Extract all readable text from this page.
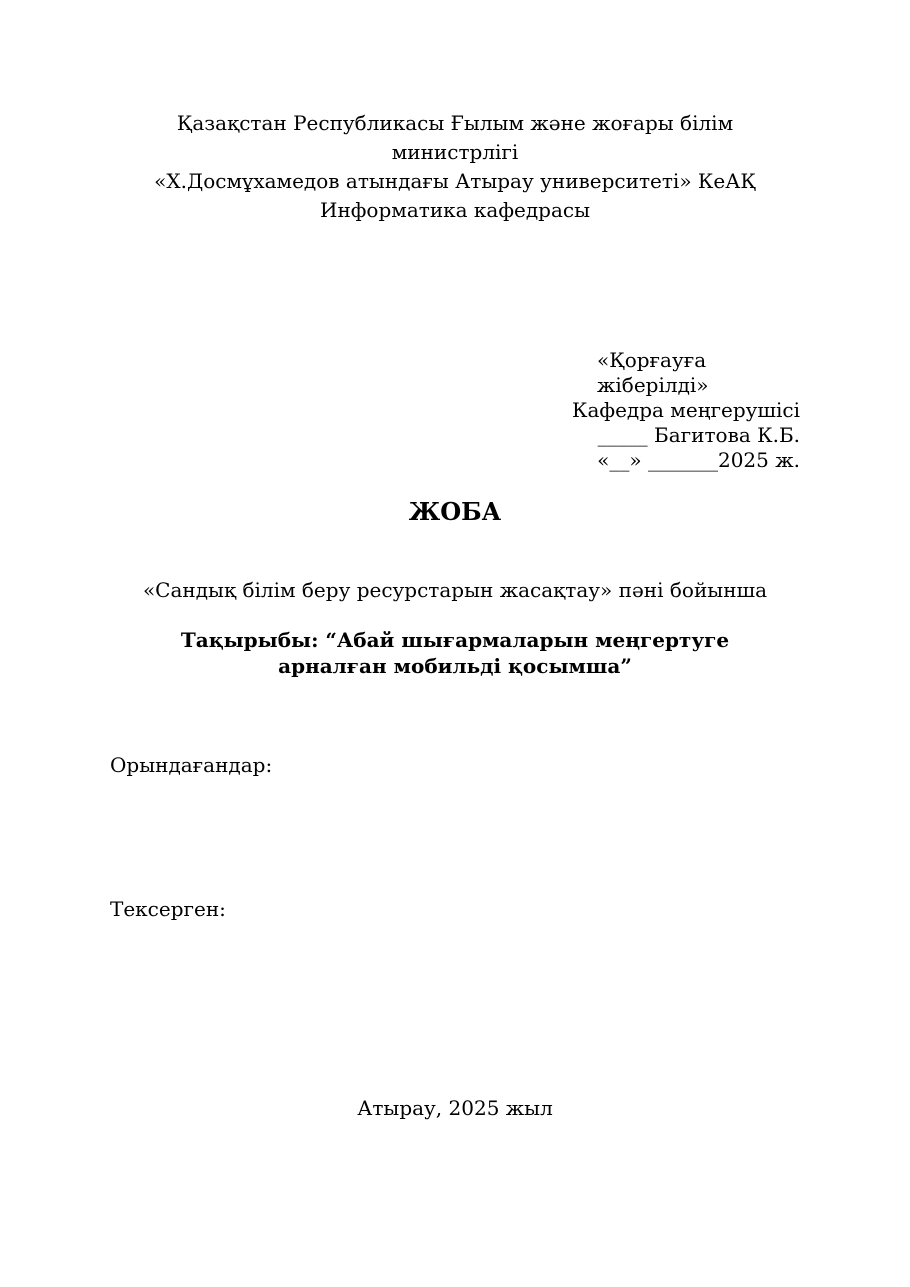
Қазақстан Республикасы Ғылым және жоғары білім
министрлігі
«Х.Досмұхамедов атындағы Атырау университеті» КеАҚ
Информатика кафедрасы
«Қорғауға
жіберілді»
Кафедра меңгерушісі
_____ Багитова К.Б.
«__» _______2025 ж.
ЖОБА
«Сандық білім беру ресурстарын жасақтау» пәні бойынша
Тақырыбы: “Абай шығармаларын меңгертуге
арналған мобильді қосымша”
Орындағандар:
Тексерген:
Атырау, 2025 жыл
